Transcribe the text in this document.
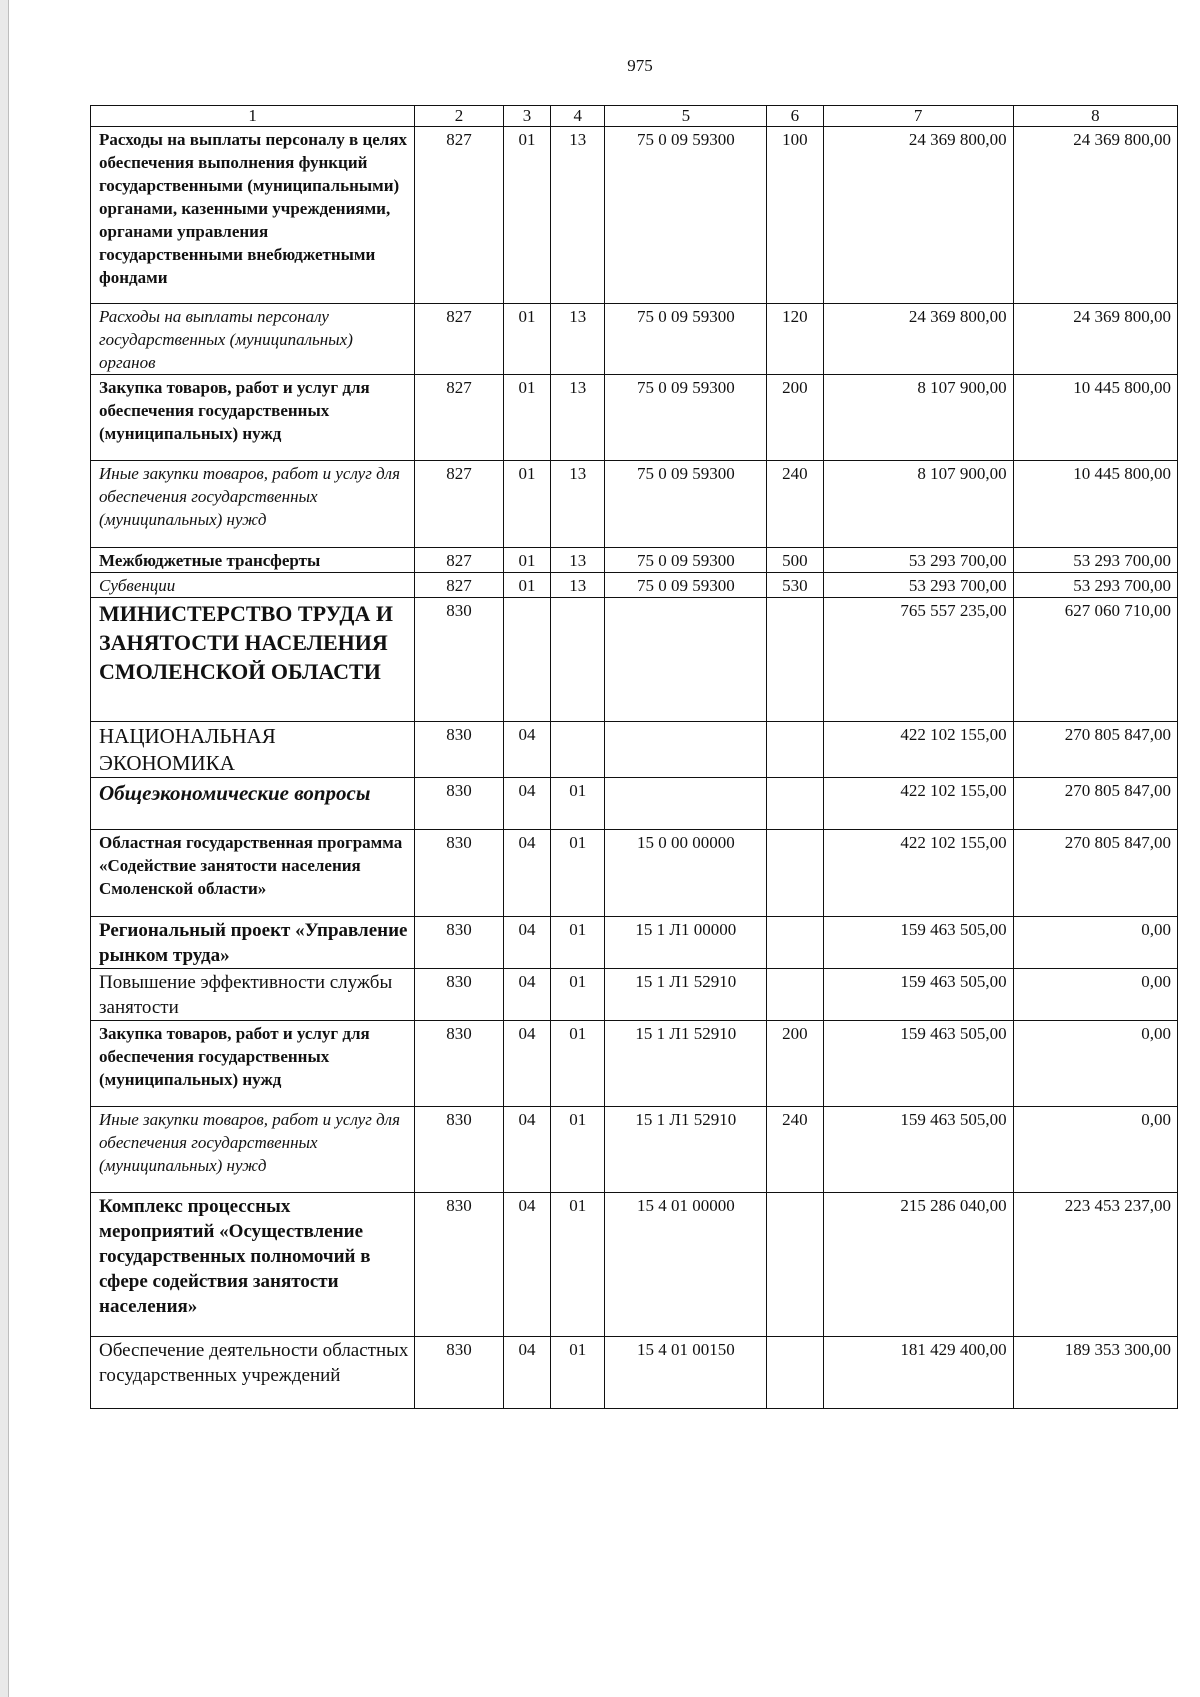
975
1	2	3	4	5	6	7	8
Расходы на выплаты персоналу в целях обеспечения выполнения функций государственными (муниципальными) органами, казенными учреждениями, органами управления государственными внебюджетными фондами	827	01	13	75 0 09 59300	100	24 369 800,00	24 369 800,00
Расходы на выплаты персоналу государственных (муниципальных) органов	827	01	13	75 0 09 59300	120	24 369 800,00	24 369 800,00
Закупка товаров, работ и услуг для обеспечения государственных (муниципальных) нужд	827	01	13	75 0 09 59300	200	8 107 900,00	10 445 800,00
Иные закупки товаров, работ и услуг для обеспечения государственных (муниципальных) нужд	827	01	13	75 0 09 59300	240	8 107 900,00	10 445 800,00
Межбюджетные трансферты	827	01	13	75 0 09 59300	500	53 293 700,00	53 293 700,00
Субвенции	827	01	13	75 0 09 59300	530	53 293 700,00	53 293 700,00
МИНИСТЕРСТВО ТРУДА И ЗАНЯТОСТИ НАСЕЛЕНИЯ СМОЛЕНСКОЙ ОБЛАСТИ	830					765 557 235,00	627 060 710,00
НАЦИОНАЛЬНАЯ ЭКОНОМИКА	830	04				422 102 155,00	270 805 847,00
Общеэкономические вопросы	830	04	01			422 102 155,00	270 805 847,00
Областная государственная программа «Содействие занятости населения Смоленской области»	830	04	01	15 0 00 00000		422 102 155,00	270 805 847,00
Региональный проект «Управление рынком труда»	830	04	01	15 1 Л1 00000		159 463 505,00	0,00
Повышение эффективности службы занятости	830	04	01	15 1 Л1 52910		159 463 505,00	0,00
Закупка товаров, работ и услуг для обеспечения государственных (муниципальных) нужд	830	04	01	15 1 Л1 52910	200	159 463 505,00	0,00
Иные закупки товаров, работ и услуг для обеспечения государственных (муниципальных) нужд	830	04	01	15 1 Л1 52910	240	159 463 505,00	0,00
Комплекс процессных мероприятий «Осуществление государственных полномочий в сфере содействия занятости населения»	830	04	01	15 4 01 00000		215 286 040,00	223 453 237,00
Обеспечение деятельности областных государственных учреждений	830	04	01	15 4 01 00150		181 429 400,00	189 353 300,00
